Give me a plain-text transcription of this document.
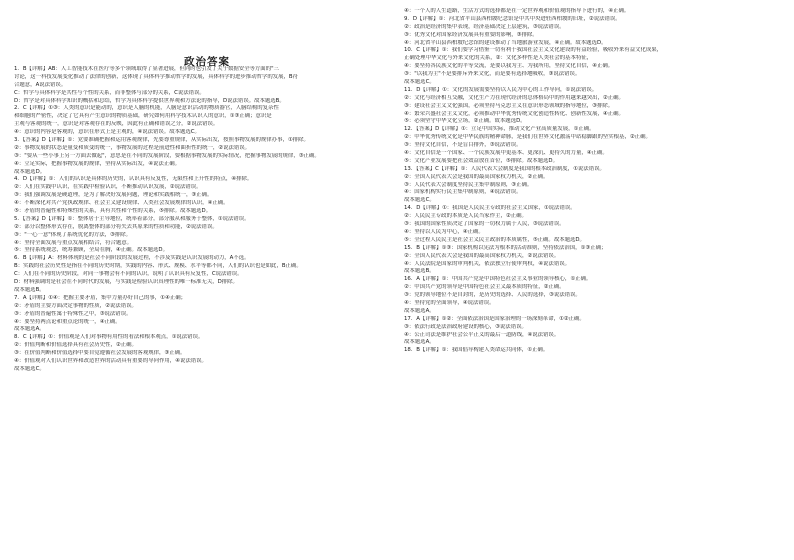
政治答案
1．B【详解】AB：人工智能技术在医疗等多个领域取得了显著进展，但同时也引发了关于数据安全等方面的"三
讨论，这一科技发展变化推动了法律的创新，这体现了具体科学推动哲学的发展，具体科学的进步推动哲学的发展，B符
合题意，A说法错误。
C：哲学与具体科学是共性与个性的关系，而非整体与部分的关系，C说法错误。
D：哲学是对具体科学知识的概括和总结，哲学为具体科学提供世界观和方法论的指导，D说法错误。故本题选B。
2．C【详解】①③：人类的意识是能动的，意识是人脑的机能，人脑是意识活动的物质器官，人脑结构的复杂性
和细胞的严密性，决定了它具有产生意识的物质基础，研究如何用科学技术认识人的意识，①③正确；意识是
主观与客观的统一，意识是对客观存在的反映，因此有正确和错误之分，②说法错误。
④：意识的内容是客观的，意识在形式上是主观的，④说法错误。故本题选C。
3．【答案】D【详解】①：党要准确把握和运用客观规律，先要尊重规律，从实际出发，按照事物发展的规律办事，①排除。
②：事物发展的状态是量变和质变的统一，事物发展的过程是前进性和曲折性的统一，②说法错误。
③："要从一些小事上另一方面去做起"，意思是在不同的发展阶段，要根据事物发展的实际情况，把握事物发展的规律，③正确。
④：立足实际，把握事物发展的规律，坚持从实际出发，④说法正确。
故本题选D。
4．D【详解】①：人们的认识是具体的历史的，认识具有反复性，无限性和上升性的特点，④排除。
②：人们在实践中认识，在实践中检验认识，不断推动认识发展，②说法错误。
③：我们强调发展是硬道理，是为了解决好发展问题，理论和实践相统一，③正确。
④：不断深化对共产党执政规律、社会主义建设规律、人类社会发展规律的认识，④正确。
⑤：矛盾的普遍性和特殊性的关系，具有共性和个性的关系，⑤排除。故本题选D。
5．【答案】D【详解】①：整体居于主导地位，统率着部分，部分服从和服务于整体，①说法错误。
②：部分以整体形式存在，脱离整体的部分将失去其原来的性质和功能，②说法错误。
③："一心一意"体现了系统优化的方法，③排除。
④：坚持全面发展与重点发展相结合，符合题意。
⑤：坚持系统观念，统筹兼顾，全局在胸，④正确。故本题选D。
6．B【详解】A：材料体现的是社会不同阶段的发展过程，不涉及实践是认识发展的动力，A不选。
B：实践的社会历史性是指在不同的历史时期，实践的内容、形式、规模、水平等都不同，人们的认识也是如此，B正确。
C：人们在不同的历史阶段，对同一事物会有不同的认识，说明了认识具有反复性，C说法错误。
D：材料强调的是社会在不同时代的发展，与实践是检验认识真理性的唯一标准无关，D排除。
故本题选B。
7．A【详解】①④：把握主要矛盾，集中力量办好自己的事，①④正确；
②：矛盾的主要方面决定事物的性质，②说法错误。
③：矛盾的普遍性寓于特殊性之中，③说法错误。
④：要坚持两点论和重点论的统一，④正确。
故本题选A。
8．C【详解】①：价值观是人们对事物有用性的看法和根本观点，①说法错误。
②：价值判断和价值选择具有社会历史性，②正确。
③：在价值判断和价值选择中要自觉遵循社会发展的客观规律，③正确。
④：价值观对人们认识世界和改造世界的活动具有重要的导向作用，④说法错误。
故本题选C。
④：一个人的人生道路，生活方式的选择都是在一定世界观和价值观的指导下进行的，④正确。
9．D【详解】①：河北省平山县西柏坡纪念馆是中共中央进驻西柏坡的旧址，②说法错误。
②：政治是经济的集中表现，经济基础决定上层建筑，③说法错误。
③：优秀文化对国家经济发展具有重要的影响，③排除。
④：河北省平山县西柏坡纪念馆的建设推动了当地旅游业发展，④正确。故本题选D。
10．C【详解】①：我们要学习借鉴一切有利于我国社会主义文化建设的有益经验，吸收外来有益文化成果，
正确处理中华文化与外来文化的关系，②：文化多样性是人类社会的基本特征，
④：要坚持各民族文化的平等交流，是要以我为主、为我所用，坚持文化自信，④正确。
③："以我为主"不是要排斥外来文化，而是要有选择地吸收，③说法错误。
故本题选C。
11．D【详解】①：文化的发展需要坚持以人民为中心的工作导向，①说法错误。
②：文化与经济相互交融，文化生产力在现代经济的总体格局中的作用越来越突出，②正确。
③：建设社会主义文化强国，必须坚持马克思主义在意识形态领域的指导地位，③排除。
④：繁荣兴盛社会主义文化，必须推动中华优秀传统文化创造性转化、创新性发展，④正确。
⑤：必须坚守中华文化立场，②正确。故本题选D。
12．【答案】D【详解】①：立足中国实际，推动文化产业高质量发展，①正确。
②：中华优秀传统文化是中华民族的精神命脉，是我们在世界文化激荡中站稳脚跟的坚实根基，②正确。
③：坚持文化自信，不是盲目排外，③说法错误。
④：文化自信是一个国家、一个民族发展中更基本、更深沉、更持久的力量，④正确。
⑤：文化产业发展要把社会效益放在首位，⑤排除。故本题选D。
13．【答案】C【详解】①：人民代表大会制度是我国的根本政治制度，①说法错误。
②：全国人民代表大会是我国的最高国家权力机关，②正确。
③：人民代表大会制度坚持民主集中制原则，③正确。
④：国家机构实行民主集中制原则，④说法错误。
故本题选C。
14．D【详解】①：我国是人民民主专政的社会主义国家，①说法错误。
②：人民民主专政的本质是人民当家作主，②正确。
③：我国的国家性质决定了国家的一切权力属于人民，③说法错误。
④：坚持以人民为中心，④正确。
⑤：全过程人民民主是社会主义民主政治的本质属性，⑤正确。故本题选D。
15．B【详解】①③：国家机构以宪法为根本的活动准则，坚持依法治国，①③正确；
②：全国人民代表大会是我国的最高国家权力机关，②说法错误。
④：人民法院是国家的审判机关，依法独立行使审判权，④说法错误。
故本题选B。
16．A【详解】①：中国共产党是中国特色社会主义事业的领导核心，①正确。
②：中国共产党的领导是中国特色社会主义最本质的特征，②正确。
③：党的领导地位不是自封的，是历史的选择、人民的选择，③说法错误。
④：坚持党的全面领导，④说法错误。
故本题选A。
17．A【详解】①②：全面依法治国是国家治理的一场深刻革命，①②正确。
③：依法行政是法治政府建设的核心，③说法错误。
④：公正司法是维护社会公平正义的最后一道防线，④说法错误。
故本题选A。
18．B【详解】①：我国倡导构建人类命运共同体，①正确。
